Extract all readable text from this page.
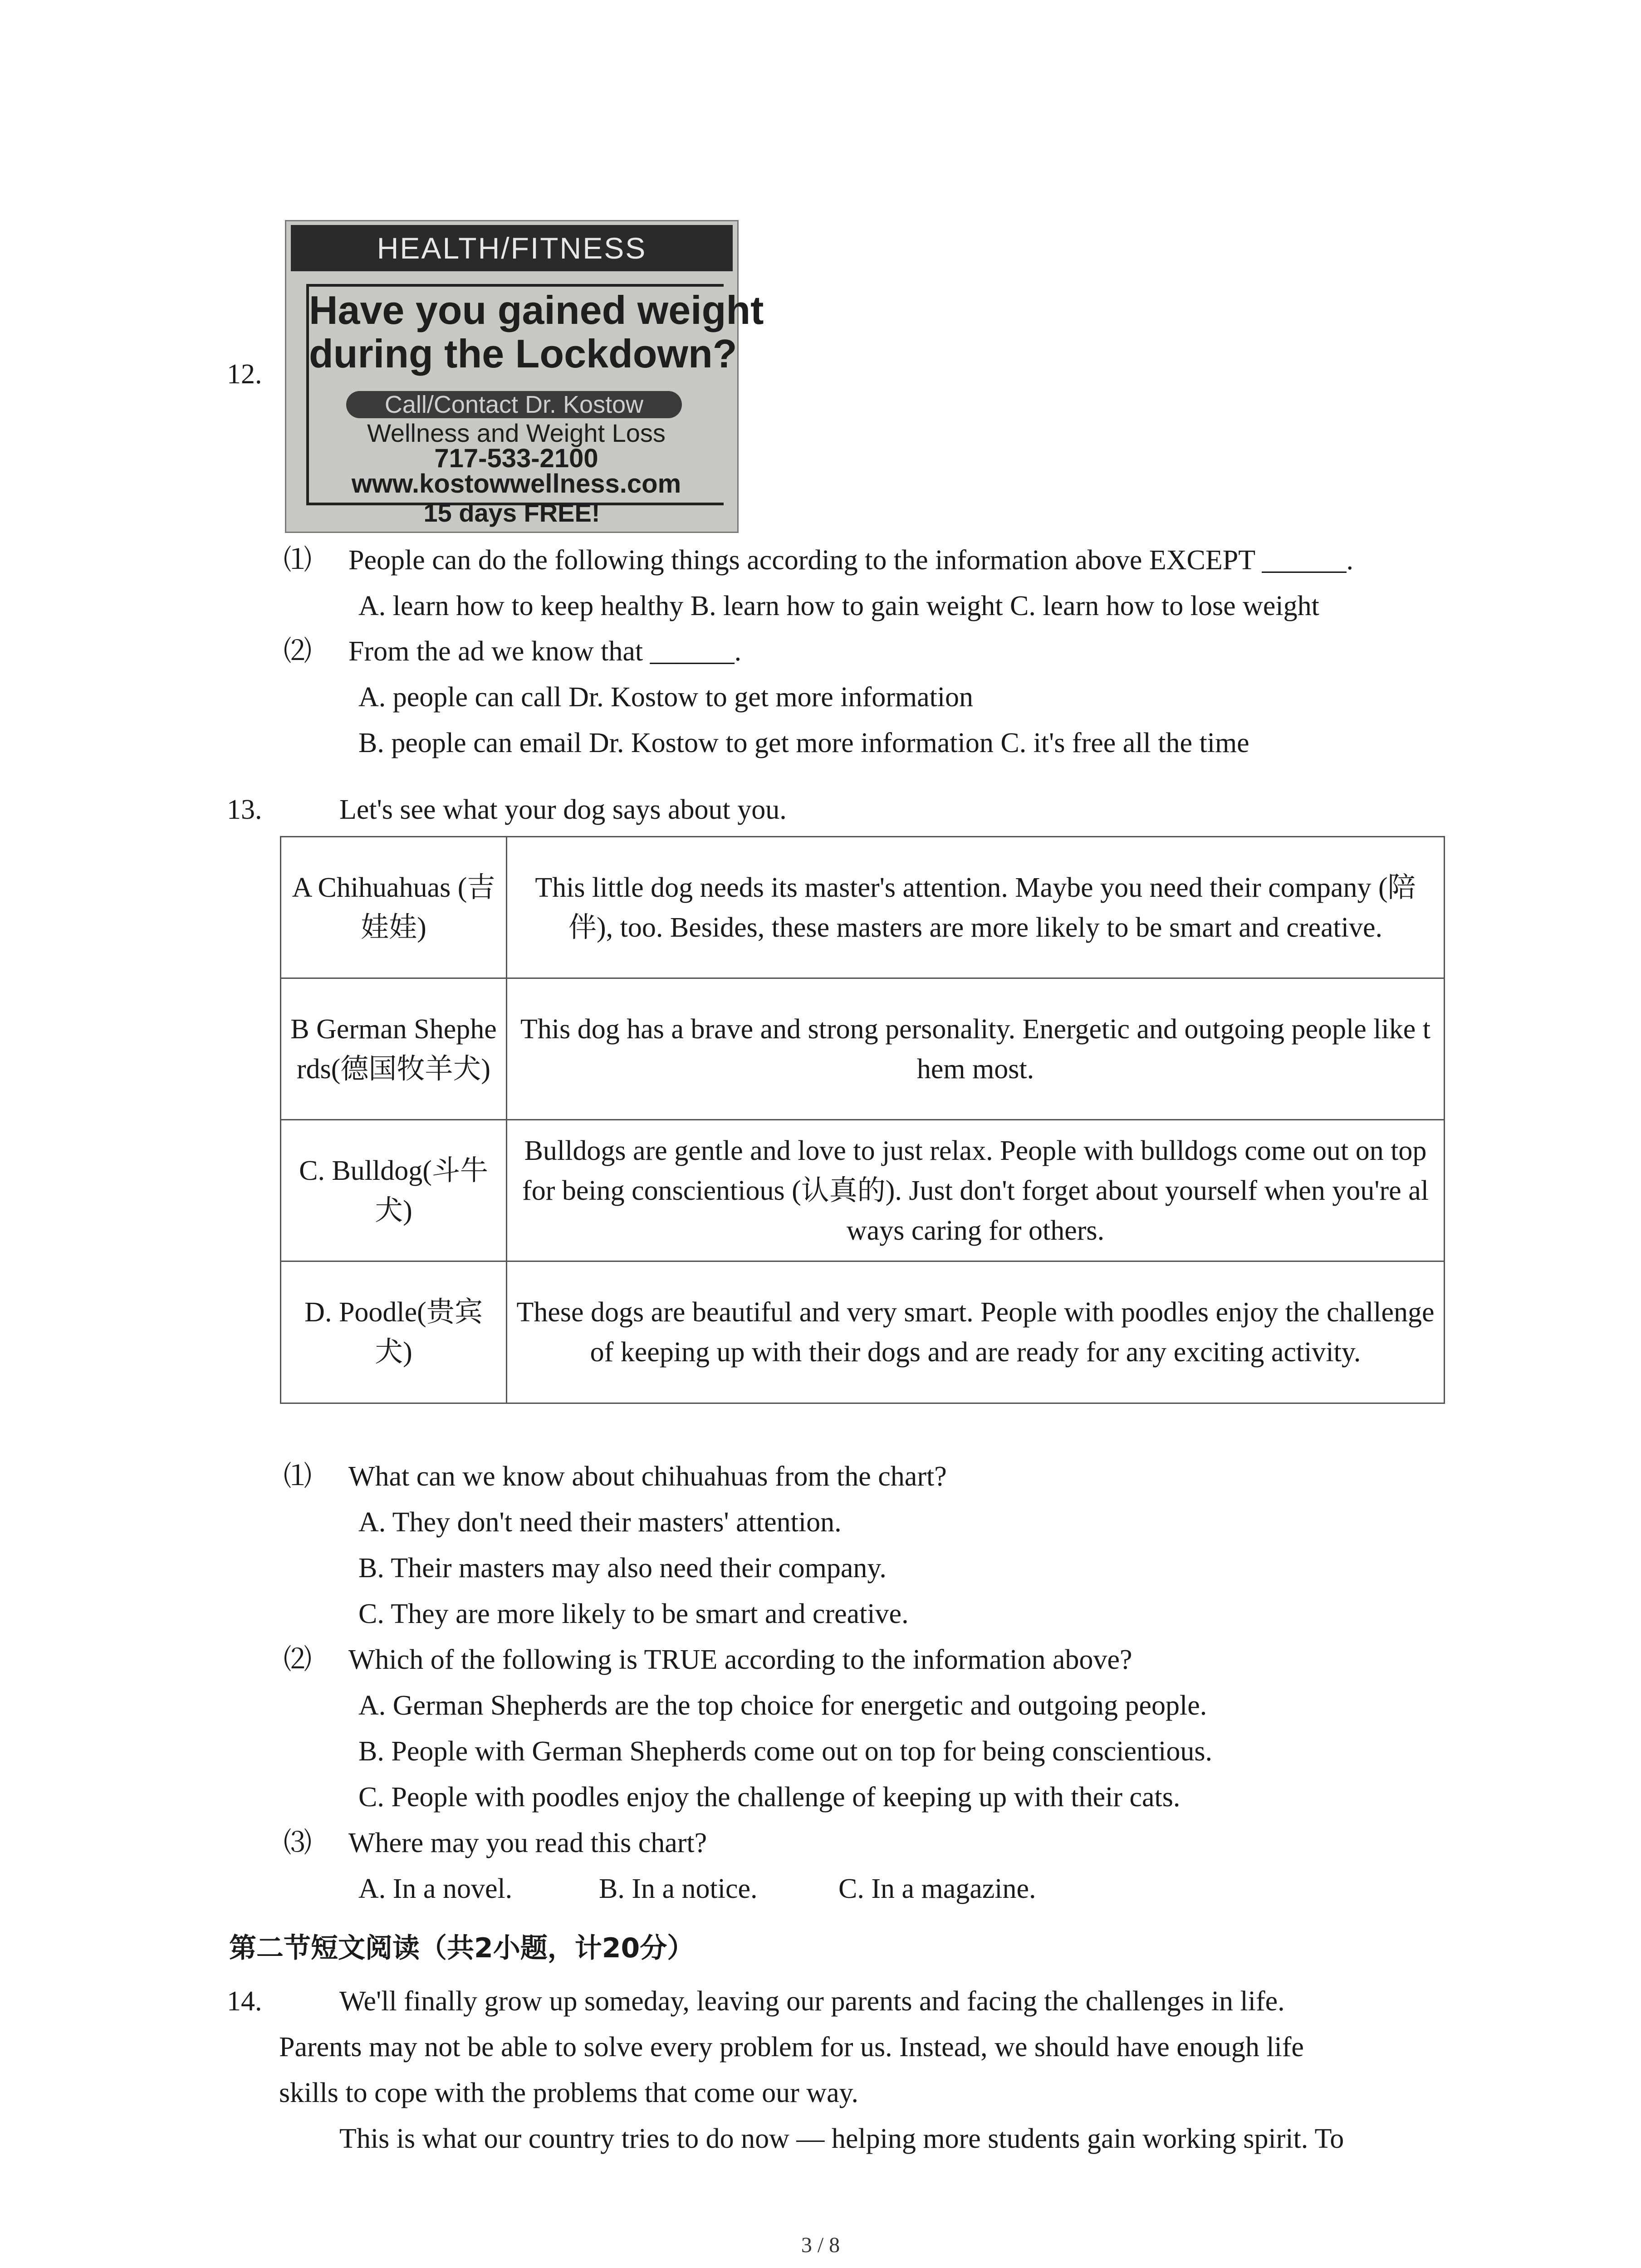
12.
HEALTH/FITNESS
Have you gained weight
during the Lockdown?
Call/Contact Dr. Kostow
Wellness and Weight Loss
717-533-2100
www.kostowwellness.com
15 days FREE!
⑴ People can do the following things according to the information above EXCEPT ______.
A. learn how to keep healthy B. learn how to gain weight C. learn how to lose weight
⑵ From the ad we know that ______.
A. people can call Dr. Kostow to get more information
B. people can email Dr. Kostow to get more information C. it's free all the time
13.	Let's see what your dog says about you.
A Chihuahuas (吉娃娃)	This little dog needs its master's attention. Maybe you need their company (陪伴), too. Besides, these masters are more likely to be smart and creative.
B German Shepherds(德国牧羊犬)	This dog has a brave and strong personality. Energetic and outgoing people like them most.
C. Bulldog(斗牛犬)	Bulldogs are gentle and love to just relax. People with bulldogs come out on top for being conscientious (认真的). Just don't forget about yourself when you're always caring for others.
D. Poodle(贵宾犬)	These dogs are beautiful and very smart. People with poodles enjoy the challenge of keeping up with their dogs and are ready for any exciting activity.
⑴ What can we know about chihuahuas from the chart?
A. They don't need their masters' attention.
B. Their masters may also need their company.
C. They are more likely to be smart and creative.
⑵ Which of the following is TRUE according to the information above?
A. German Shepherds are the top choice for energetic and outgoing people.
B. People with German Shepherds come out on top for being conscientious.
C. People with poodles enjoy the challenge of keeping up with their cats.
⑶ Where may you read this chart?
A. In a novel.	B. In a notice.	C. In a magazine.
第二节短文阅读（共2小题，计20分）
14.	We'll finally grow up someday, leaving our parents and facing the challenges in life.
Parents may not be able to solve every problem for us. Instead, we should have enough life
skills to cope with the problems that come our way.
This is what our country tries to do now — helping more students gain working spirit. To
3 / 8
